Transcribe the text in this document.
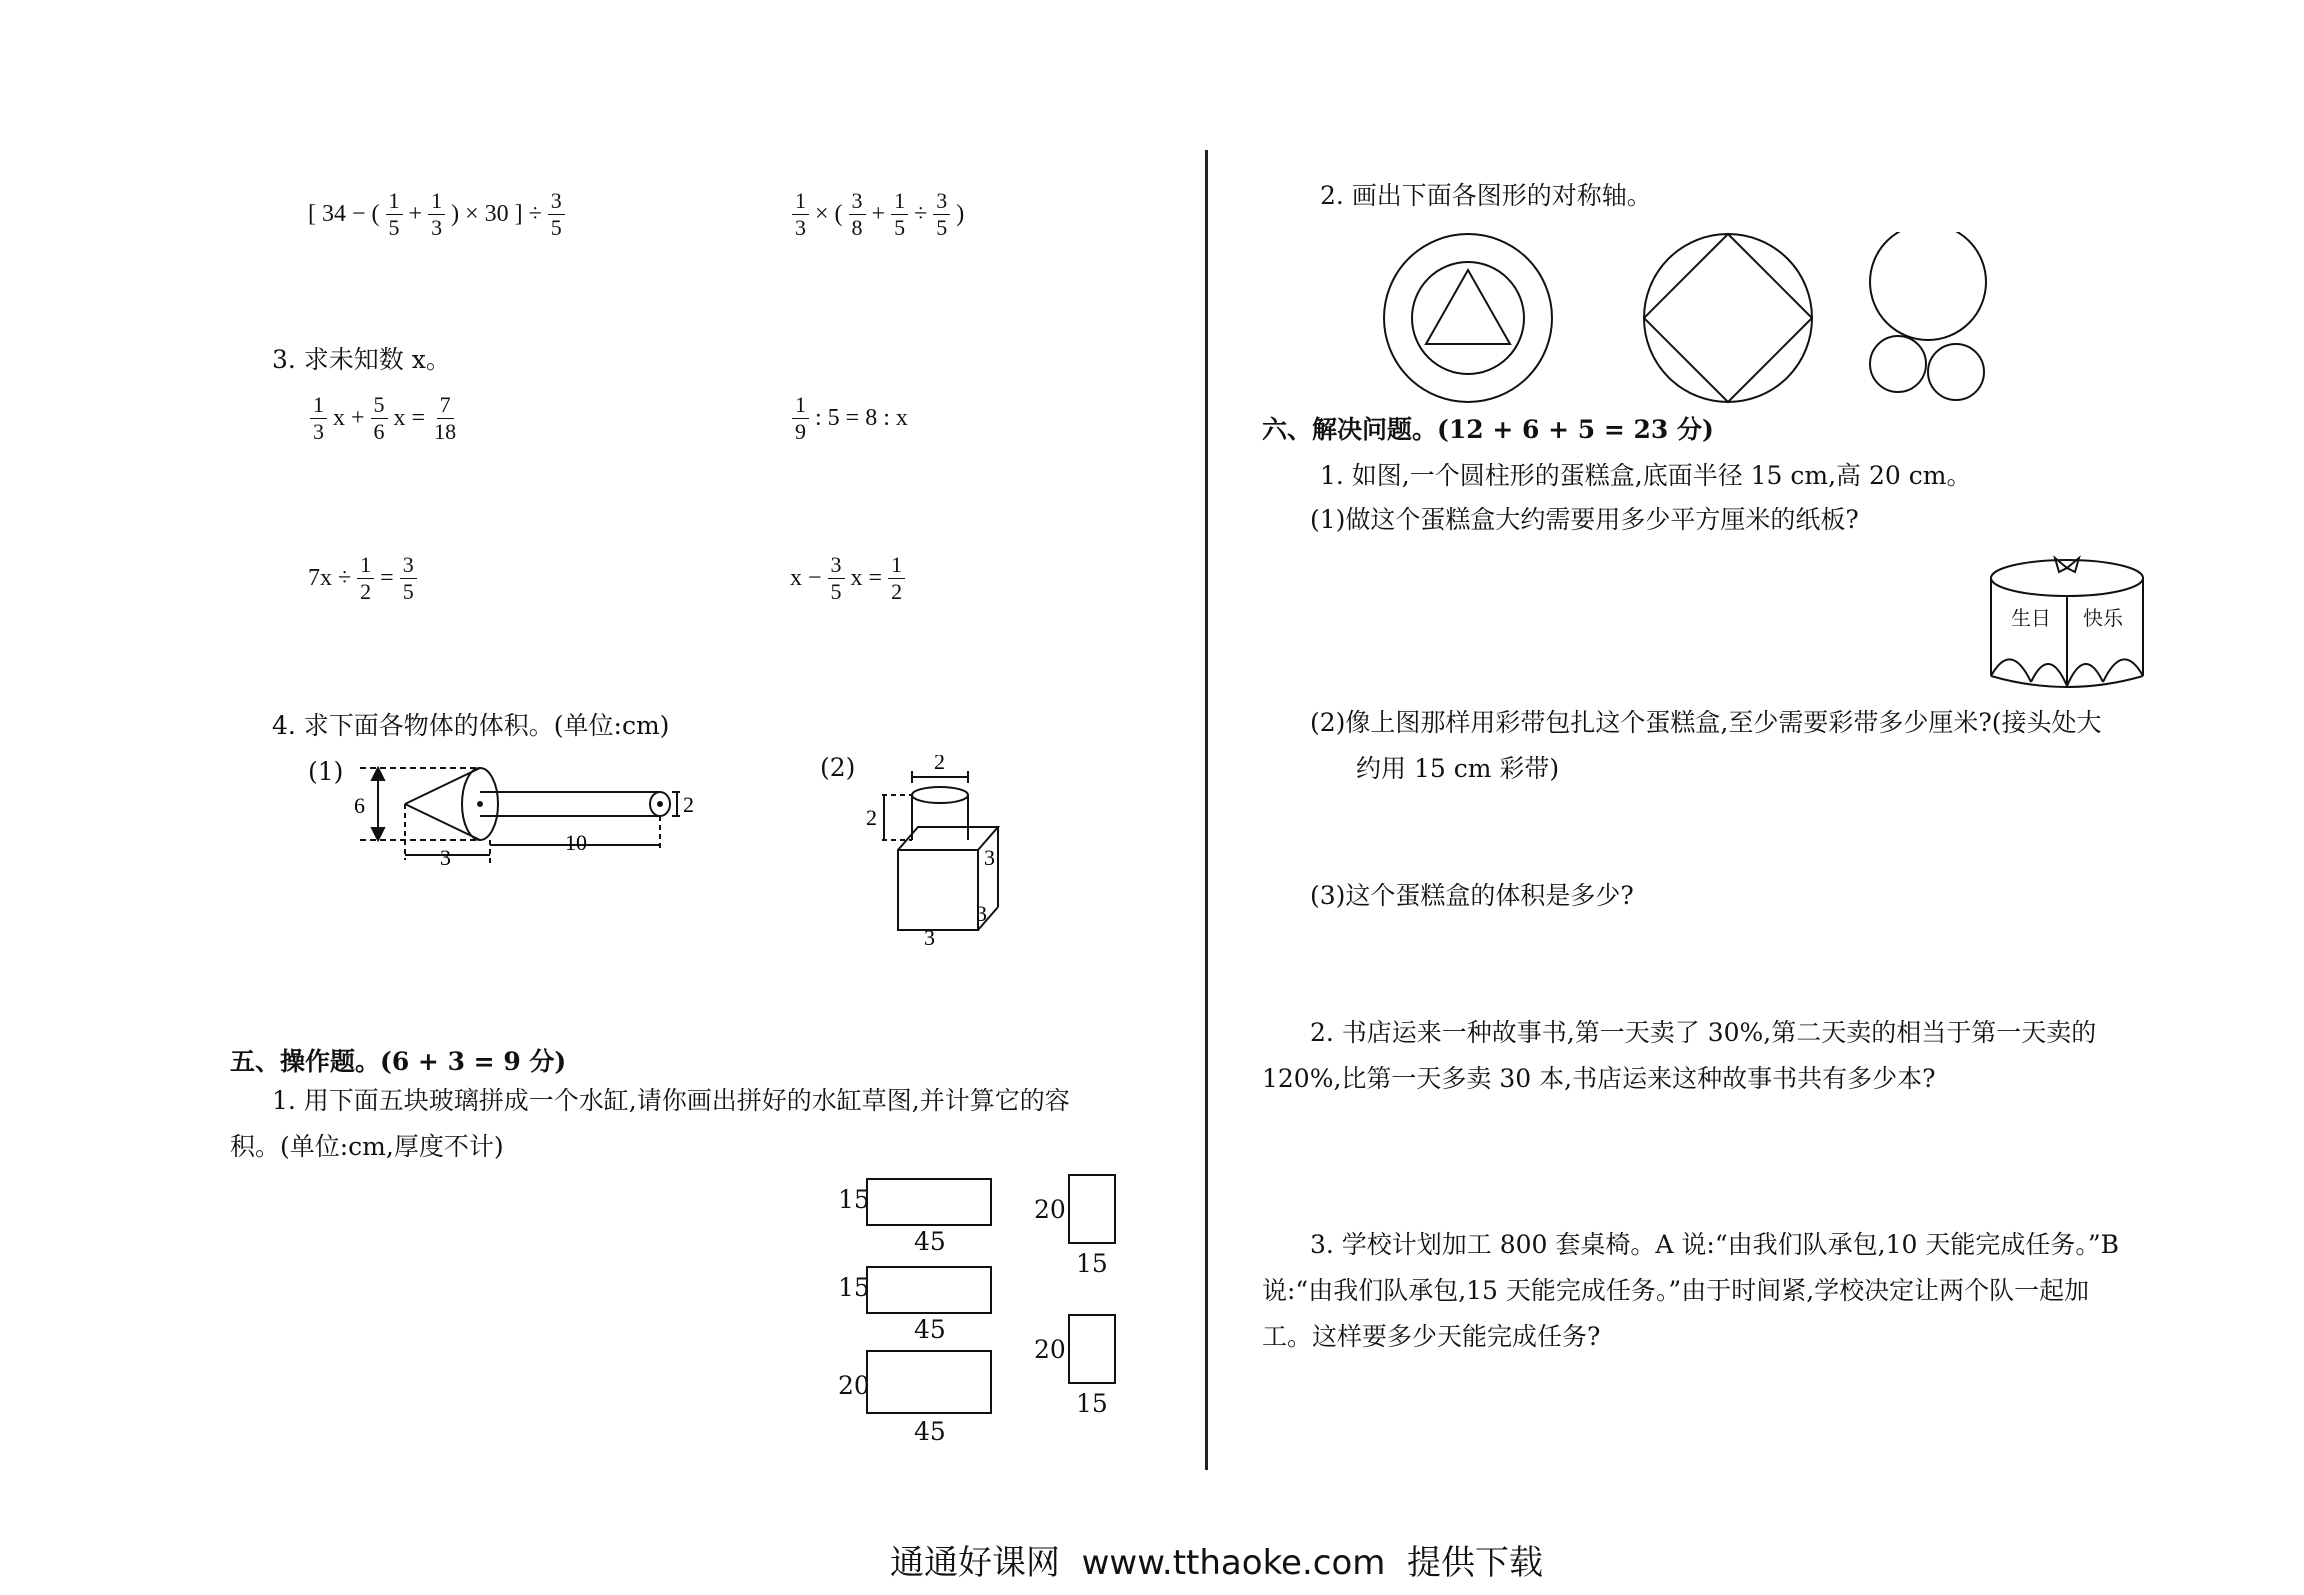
[ 34 − ( $\frac{1}{5} + \frac{1}{3}$ ) × 30 ] ÷ $\frac{3}{5}$	$\frac{1}{3}$ × ( $\frac{3}{8} + \frac{1}{5} \div \frac{3}{5}$ )
3. 求未知数 x。
$\frac{1}{3}$ $x + \frac{5}{6}$ $x = \frac{7}{18}$	$\frac{1}{9}$ : 5 = 8 : x
$7x \div \frac{1}{2} = \frac{3}{5}$	$x - \frac{3}{5}$ $x = \frac{1}{2}$
4. 求下面各物体的体积。(单位:cm)
(1)
6
3
10
2
(2)	2
2
3
3
3
五、操作题。(6 + 3 = 9 分)
1. 用下面五块玻璃拼成一个水缸,请你画出拼好的水缸草图,并计算它的容
积。(单位:cm,厚度不计)
15
45
15
45
20
45
20
15
20
15
2. 画出下面各图形的对称轴。
六、解决问题。(12 + 6 + 5 = 23 分)
1. 如图,一个圆柱形的蛋糕盒,底面半径 15 cm,高 20 cm。
(1)做这个蛋糕盒大约需要用多少平方厘米的纸板?
生日 快乐
(2)像上图那样用彩带包扎这个蛋糕盒,至少需要彩带多少厘米?(接头处大
约用 15 cm 彩带)
(3)这个蛋糕盒的体积是多少?
2. 书店运来一种故事书,第一天卖了 30%,第二天卖的相当于第一天卖的
120%,比第一天多卖 30 本,书店运来这种故事书共有多少本?
3. 学校计划加工 800 套桌椅。A 说:“由我们队承包,10 天能完成任务。”B
说:“由我们队承包,15 天能完成任务。”由于时间紧,学校决定让两个队一起加
工。这样要多少天能完成任务?
通通好课网  www.tthaoke.com  提供下载
